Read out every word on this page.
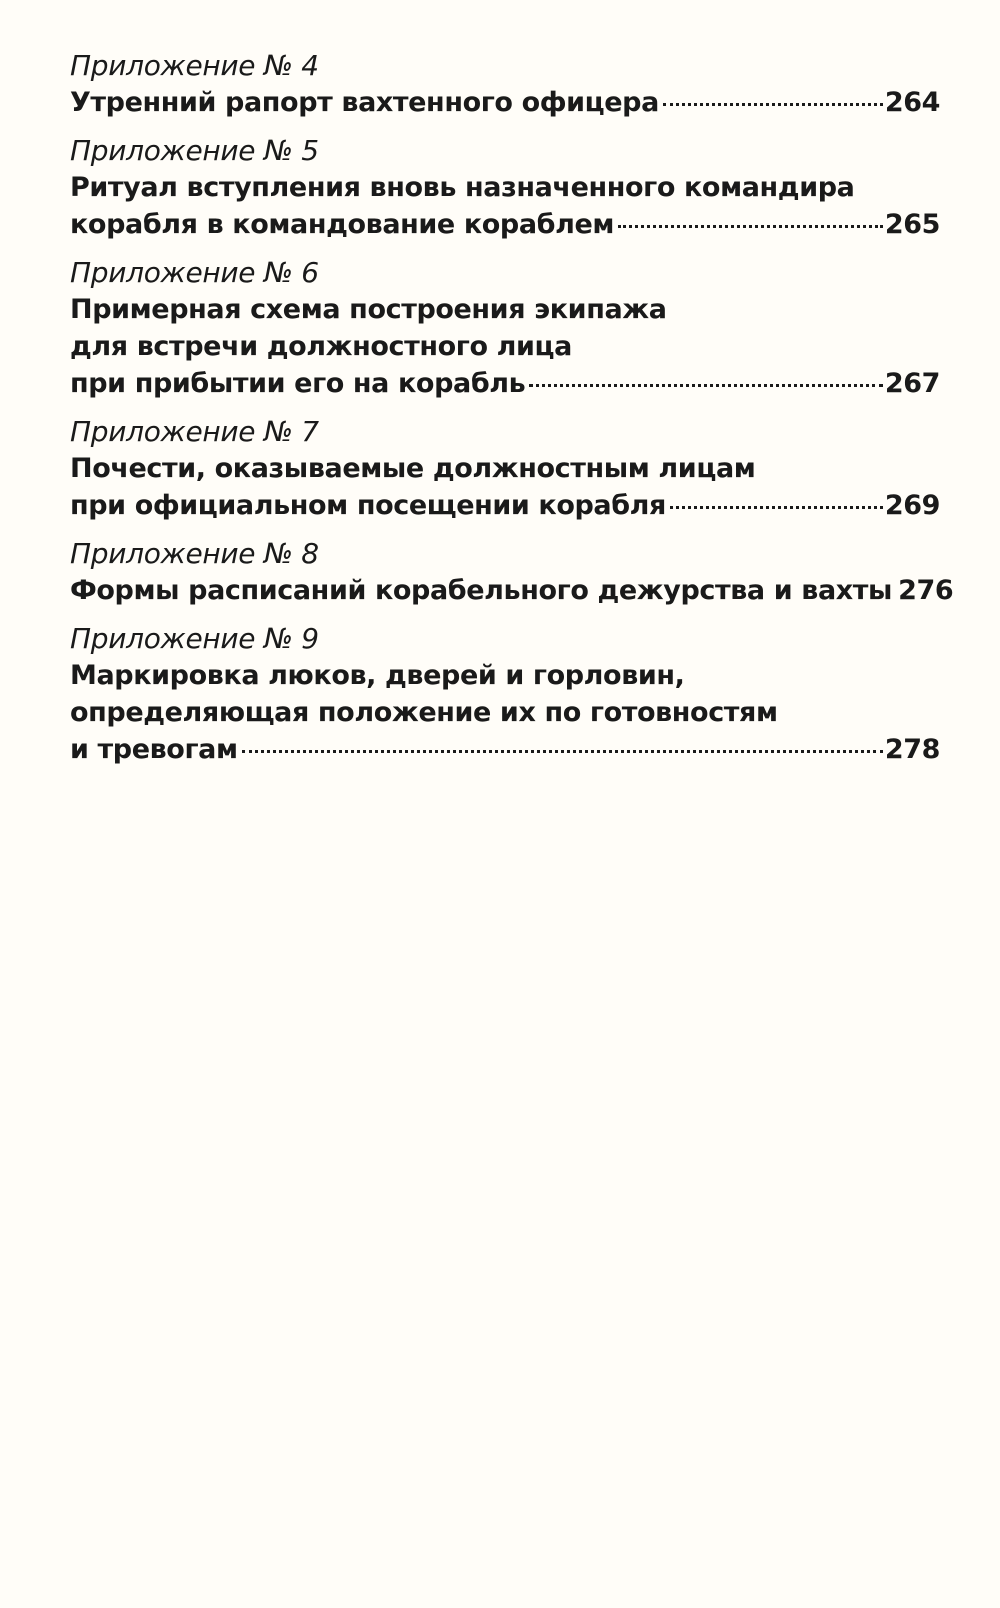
Приложение № 4
Утренний рапорт вахтенного офицера	264
Приложение № 5
Ритуал вступления вновь назначенного командира
корабля в командование кораблем	265
Приложение № 6
Примерная схема построения экипажа
для встречи должностного лица
при прибытии его на корабль	267
Приложение № 7
Почести, оказываемые должностным лицам
при официальном посещении корабля	269
Приложение № 8
Формы расписаний корабельного дежурства и вахты 276
Приложение № 9
Маркировка люков, дверей и горловин,
определяющая положение их по готовностям
и тревогам	278
